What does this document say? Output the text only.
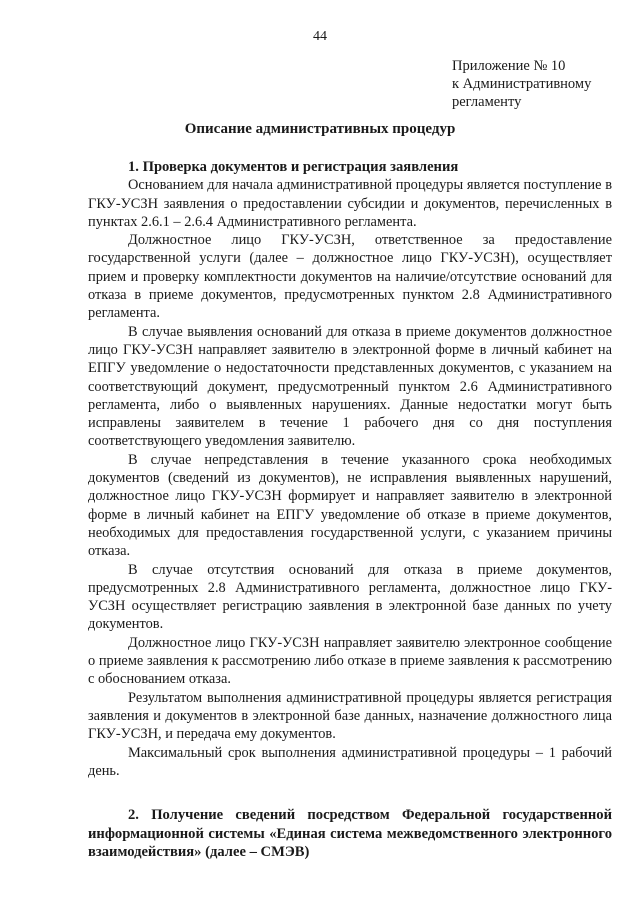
44
Приложение № 10
к Административному
регламенту
Описание административных процедур
1. Проверка документов и регистрация заявления

Основанием для начала административной процедуры является поступление в ГКУ-УСЗН заявления о предоставлении субсидии и документов, перечисленных в пунктах 2.6.1 – 2.6.4 Административного регламента.

Должностное лицо ГКУ-УСЗН, ответственное за предоставление государственной услуги (далее – должностное лицо ГКУ-УСЗН), осуществляет прием и проверку комплектности документов на наличие/отсутствие оснований для отказа в приеме документов, предусмотренных пунктом 2.8 Административного регламента.

В случае выявления оснований для отказа в приеме документов должностное лицо ГКУ-УСЗН направляет заявителю в электронной форме в личный кабинет на ЕПГУ уведомление о недостаточности представленных документов, с указанием на соответствующий документ, предусмотренный пунктом 2.6 Административного регламента, либо о выявленных нарушениях. Данные недостатки могут быть исправлены заявителем в течение 1 рабочего дня со дня поступления соответствующего уведомления заявителю.

В случае непредставления в течение указанного срока необходимых документов (сведений из документов), не исправления выявленных нарушений, должностное лицо ГКУ-УСЗН формирует и направляет заявителю в электронной форме в личный кабинет на ЕПГУ уведомление об отказе в приеме документов, необходимых для предоставления государственной услуги, с указанием причины отказа.

В случае отсутствия оснований для отказа в приеме документов, предусмотренных 2.8 Административного регламента, должностное лицо ГКУ-УСЗН осуществляет регистрацию заявления в электронной базе данных по учету документов.

Должностное лицо ГКУ-УСЗН направляет заявителю электронное сообщение о приеме заявления к рассмотрению либо отказе в приеме заявления к рассмотрению с обоснованием отказа.

Результатом выполнения административной процедуры является регистрация заявления и документов в электронной базе данных, назначение должностного лица ГКУ-УСЗН, и передача ему документов.

Максимальный срок выполнения административной процедуры – 1 рабочий день.

2. Получение сведений посредством Федеральной государственной информационной системы «Единая система межведомственного электронного взаимодействия» (далее – СМЭВ)
